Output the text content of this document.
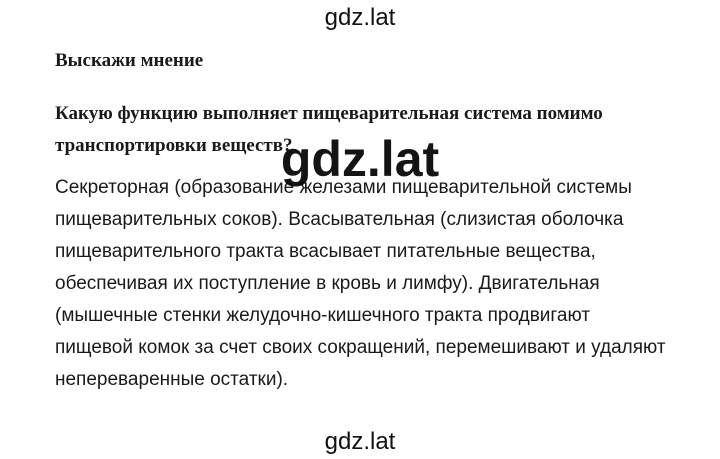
gdz.lat
Выскажи мнение
Какую функцию выполняет пищеварительная система помимо
транспортировки веществ?
Секреторная (образование железами пищеварительной системы
пищеварительных соков). Всасывательная (слизистая оболочка
пищеварительного тракта всасывает питательные вещества,
обеспечивая их поступление в кровь и лимфу). Двигательная
(мышечные стенки желудочно-кишечного тракта продвигают
пищевой комок за счет своих сокращений, перемешивают и удаляют
непереваренные остатки).
gdz.lat
gdz.lat
